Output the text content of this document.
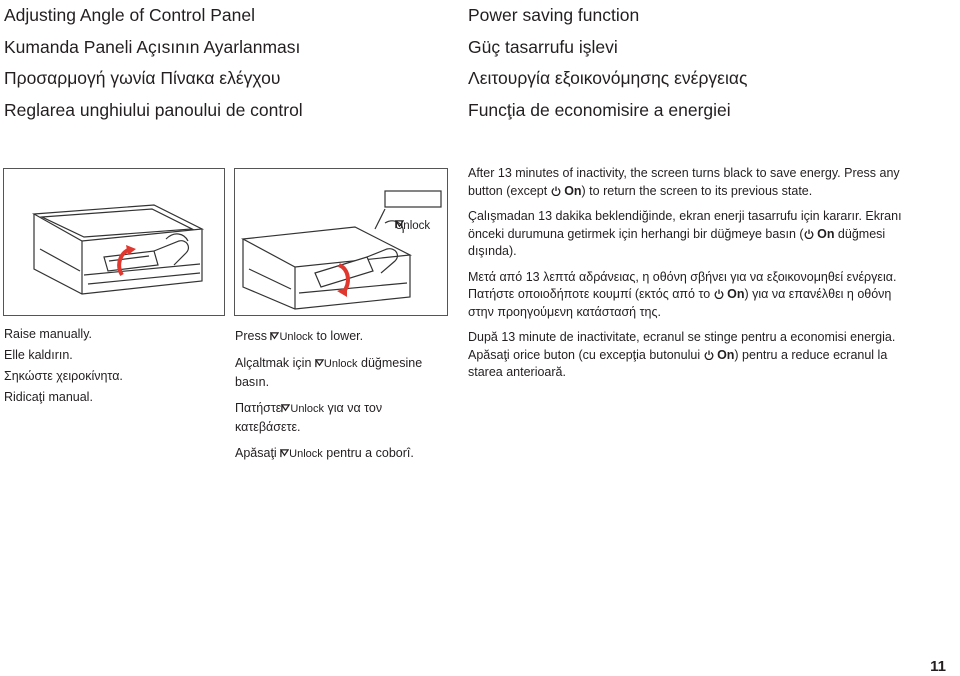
Adjusting Angle of Control Panel
Kumanda Paneli Açısının Ayarlanması
Προσαρμογή γωνία Πίνακα ελέγχου
Reglarea unghiului panoului de control
Power saving function
Güç tasarrufu işlevi
Λειτουργία εξοικονόμησης ενέργειας
Funcţia de economisire a energiei
Unlock
Raise manually.
Elle kaldırın.
Σηκώστε χειροκίνητα.
Ridicaţi manual.

Press Unlock to lower.

Alçaltmak için Unlock düğmesine basın.

Πατήστε Unlock για να τον κατεβάσετε.

Apăsaţi Unlock pentru a coborî.

After 13 minutes of inactivity, the screen turns black to save energy. Press any button (except  On) to return the screen to its previous state.

Çalışmadan 13 dakika beklendiğinde, ekran enerji tasarrufu için kararır. Ekranı önceki durumuna getirmek için herhangi bir düğmeye basın ( On düğmesi dışında).

Μετά από 13 λεπτά αδράνειας, η οθόνη σβήνει για να εξοικονομηθεί ενέργεια. Πατήστε οποιοδήποτε κουμπί (εκτός από το  On) για να επανέλθει η οθόνη στην προηγούμενη κατάστασή της.

După 13 minute de inactivitate, ecranul se stinge pentru a economisi energia. Apăsaţi orice buton (cu excepţia butonului  On) pentru a reduce ecranul la starea anterioară.

11
